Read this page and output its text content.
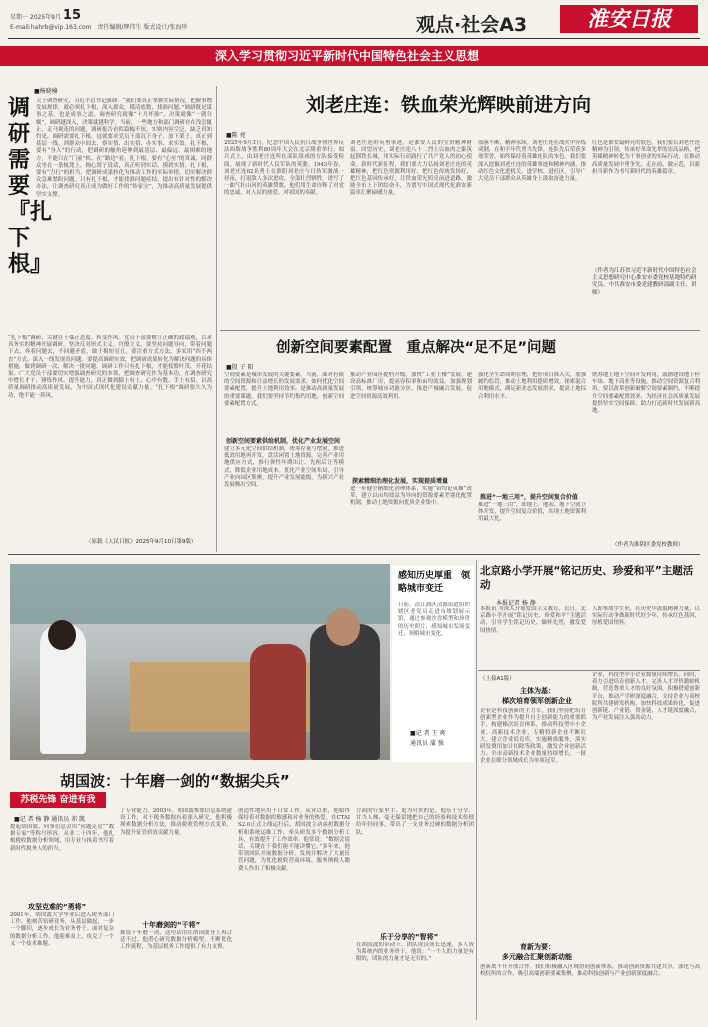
星期一 2025年9月 15
E-mail:hahrb@vip.163.com 责任编辑/缪伟生 版式设计/张海珍	观点·社会A3	淮安日报
深入学习贯彻习近平新时代中国特色社会主义思想
■杨晓楠
调研需要『扎下根』
关于调查研究，习近平总书记强调：“我们要真正掌握实际情况，把握事物发展规律，就必须扎下根，深入群众，摸清底数，找准问题。”调研既是谋事之基，也是成事之道。调查研究就像“十月怀胎”，决策就像“一朝分娩”，调研越深入，决策就越科学。当前，一些地方和部门调研存在浅尝辄止、走马观花的问题，调研报告看似篇幅不短，实则内容空泛，缺乏真知灼见。调研需要扎下根，这就要求党员干部沉下身子、放下架子，真正到基层一线、到群众中间去，察实情、出实招、办实事、求实效。扎下根，要有“身入”的行动，把调研的触角延伸到最基层、最偏远、最困难的地方，不能只在“门前”转、在“路边”看。扎下根，要有“心至”的真诚，同群众坐在一条板凳上，掏心窝子说话，真正听到实话、摸到实情。扎下根，要有“力行”的担当，把调研成果转化为推动工作的实际举措，切实解决群众急难愁盼问题。只有扎下根，才能找准问题症结，提出有针对性的解决办法，让调查研究真正成为做好工作的“传家宝”，为推动高质量发展提供坚实支撑。
“扎下根”调研，关键在于端正态度、转变作风。党员干部要树立正确的政绩观，以求真务实的精神开展调研，坚决反对形式主义、官僚主义。要坚持问题导向，带着问题下去，奔着问题去，不回避矛盾，敢于揭短亮丑。要注重方式方法，多采用“四不两直”方式，深入一线发现真问题。要提高调研实效，把调研成果转化为解决问题的具体措施，做到调研一次、解决一批问题。调研工作只有扎下根，才能枝繁叶茂、开花结果。广大党员干部要切实增强调查研究的本领，把调查研究作为基本功，在调查研究中增长才干、锤炼作风、提升能力，真正做到脚上有土、心中有数、手上有招，以高质量调研推动高质量发展，为中国式现代化建设贡献力量。“扎下根”调研要久久为功，绝不能一阵风。
（原载《人民日报》2025年9月10日第9版）
刘老庄连：铁血荣光辉映前进方向
■陈 亮
2025年9月3日，纪念中国人民抗日战争暨世界反法西斯战争胜利80周年大会在北京隆重举行。阅兵式上，由刘老庄连所在部队组成的方队接受检阅，展现了新时代人民军队的英姿。1943年春，刘老庄连82名勇士在淮阴刘老庄与日伪军激战一昼夜，打退敌人多次进攻，全部壮烈牺牲，谱写了一曲气壮山河的英雄赞歌，他们用生命诠释了对党的忠诚、对人民的热爱、对祖国的奉献。
刘老庄连的英勇事迹，是淮安人民的宝贵精神财富。回望历史，刘老庄连八十二烈士以血肉之躯筑起钢铁长城，用实际行动践行了共产党人的初心使命。新时代新征程，我们要大力弘扬刘老庄连的英雄精神，把红色资源利用好、把红色传统发扬好、把红色基因传承好，让铁血荣光照亮前进道路，激励全市上下团结奋斗，为谱写中国式现代化淮安新篇章汇聚磅礴力量。
血脉不断，精神永续。刘老庄连在战火中淬炼成钢，在和平年代勇当先锋。连队先后荣获多项荣誉，始终保持着英雄连队的本色。我们要深入挖掘刘老庄连的英雄事迹和精神内涵，推动红色文化进机关、进学校、进社区，引导广大党员干部群众从英雄身上汲取奋进力量。
红色是淮安最鲜亮的底色。我们要以刘老庄连精神为引领，传承好革命先辈的崇高品格，把英雄精神转化为干事创业的实际行动，在推动高质量发展中勇争先、走在前、做示范，以新担当新作为书写新时代的英雄篇章。
（作者为江苏省习近平新时代中国特色社会主义思想研究中心淮安市委党校基地特约研究员、中共淮安市委党建教研部副主任、讲师）
创新空间要素配置　重点解决“足不足”问题
■殷 子 阳
空间要素是城市发展的关键要素。当前，面对有限的空间资源和日益增长的发展需求，如何优化空间要素配置，提升土地利用效率，是推动高质量发展的重要课题。我们要坚持节约集约用地，创新空间要素配置方式。
创新空间要素供给机制，优化产业发展空间
建立多元化空间供给机制，统筹存量与增量，推进低效用地再开发，盘活闲置土地资源。完善产业用地供应方式，推行弹性年期出让、先租后让等模式，降低企业用地成本。优化产业空间布局，引导产业向园区集聚，提升产业发展能级，为新兴产业发展腾出空间。
推动产业园区提档升级，加快“工业上楼”发展，建设高标准厂房，提高容积率和亩均效益。加强规划引领，统筹城市功能分区，推进产城融合发展，促进空间资源高效利用。
探索精细治理化发展，实现提质增量
进一步健全精细化治理体系，实施“亩均论英雄”改革，建立以亩均效益为导向的资源要素差别化配置机制，推动土地资源向优质企业集中。
强化全生命周期管理，把好项目准入关，加强履约监管，推动土地利用提质增效。探索混合用地模式，满足新业态发展需求，提高土地综合利用水平。
推进“一地三用”，提升空间复合价值
推进“一地三用”，即地上、地表、地下空间立体开发，提升空间复合价值，实现土地资源利用最大化。
统筹地上地下空间开发利用，鼓励建设地下停车场、地下商业等设施，推动空间资源复合利用。要以改革创新破解空间要素制约，不断提升空间要素配置效率，为经济社会高质量发展提供坚实空间保障，助力打造新时代发展新高地。
（作者为淮阴区委党校教师）
感知历史厚重　领略城市变迁
日前，清江浦区清源街道组织辖区老党员走进市规划展示馆，通过参观沙盘模型和珍贵的历史照片，感知城市发展变迁，领略城市变化。
■记 者 王 爽
通讯员 蒲 强
北京路小学开展“铭记历史、珍爱和平”主题活动
本报记者 杨 静
本报讯 为深入开展爱国主义教育，近日，北京路小学开展“铭记历史、珍爱和平”主题活动，引导学生铭记历史、缅怀先烈，激发爱国热情。
人即事故学生形，在历史中汲取精神力量，以实际行动争做新时代好少年，传承红色基因，厚植爱国情怀。
（上接A1版）
主体为基：
梯次培育领军创新企业
企业是科技创新的主力军。我们坚持把培育创新型企业作为提升自主创新能力的重要抓手，构建梯次培育体系，推动科技型中小企业、高新技术企业、专精特新企业不断壮大。建立企业培育库，实施精准服务，落实研发费用加计扣除等政策，激发企业创新活力。全市高新技术企业数量持续增长，一批企业在细分领域成长为单项冠军。
企业，科技型中小企业数量持续增长。同时，着力引进培育创新人才，完善人才评价激励机制，营造尊重人才的良好氛围。积极搭建创新平台，推动产学研深度融合，支持企业与高校院所共建研发机构，加快科技成果转化，促进创新链、产业链、资金链、人才链深度融合，为产业发展注入强劲动力。
育新为要：
多元融合汇聚创新动能
创新离不开开放合作。我们积极融入区域协同创新体系，推动创新资源共建共享，深化与高校院所的合作，吸引高端创新要素集聚，推动科技创新与产业创新深度融合。
胡国波：十年磨一剑的“数据尖兵”
苏税先锋 奋进有我
■记 者 杨 静 通讯员 祁 凯
提起胡国波，同事们总会用“问题克星”“数据专家”等称号形容。从业二十四年，他扎根税收数据分析领域，用专业与执着书写着新时代税务人的担当。
攻坚克难的“勇将”
2001年，胡国波大学毕业后进入税务部门工作。他刻苦钻研业务，从基层做起，一步一个脚印，逐步成长为业务骨干。面对复杂的数据分析工作，他迎难而上，攻克了一个又一个技术难题。
了专业能力。2003年，胡国波参加信息系统建设工作，对于税务数据有着深入研究。他积极探索数据分析方法，推动税收管理方式变革，为提升征管质效贡献力量。
十年磨剑的“干将”
都说十年磨一剑，这句话用在胡国波身上再合适不过。他潜心研究数据分析模型，不断优化工作流程，为基层税务工作提供了有力支撑。
创造性地应用于日常工作。从业以来，他始终保持着对数据的敏感和对业务的热爱。在CTAIS2.0正式上线运行后，胡国波主动承担数据分析和系统运维工作，牵头研发多个数据分析工具，有效提升了工作效率。他常说：“数据会说话，关键在于我们能不能读懂它。”多年来，他带领团队开展数据分析，发现并解决了大量征管问题，为优化税收营商环境、服务纳税人缴费人作出了积极贡献。
方面的行家里手。更为可贵的是，他乐于分享、甘当人梯，毫无保留地把自己的经验和技术传授给年轻同事，带出了一支业务过硬的数据分析团队。
乐于分享的“智将”
在胡国波的带动下，团队成员成长迅速，多人成为系统内的业务骨干。他说：“一个人的力量是有限的，团队的力量才是无穷的。”
